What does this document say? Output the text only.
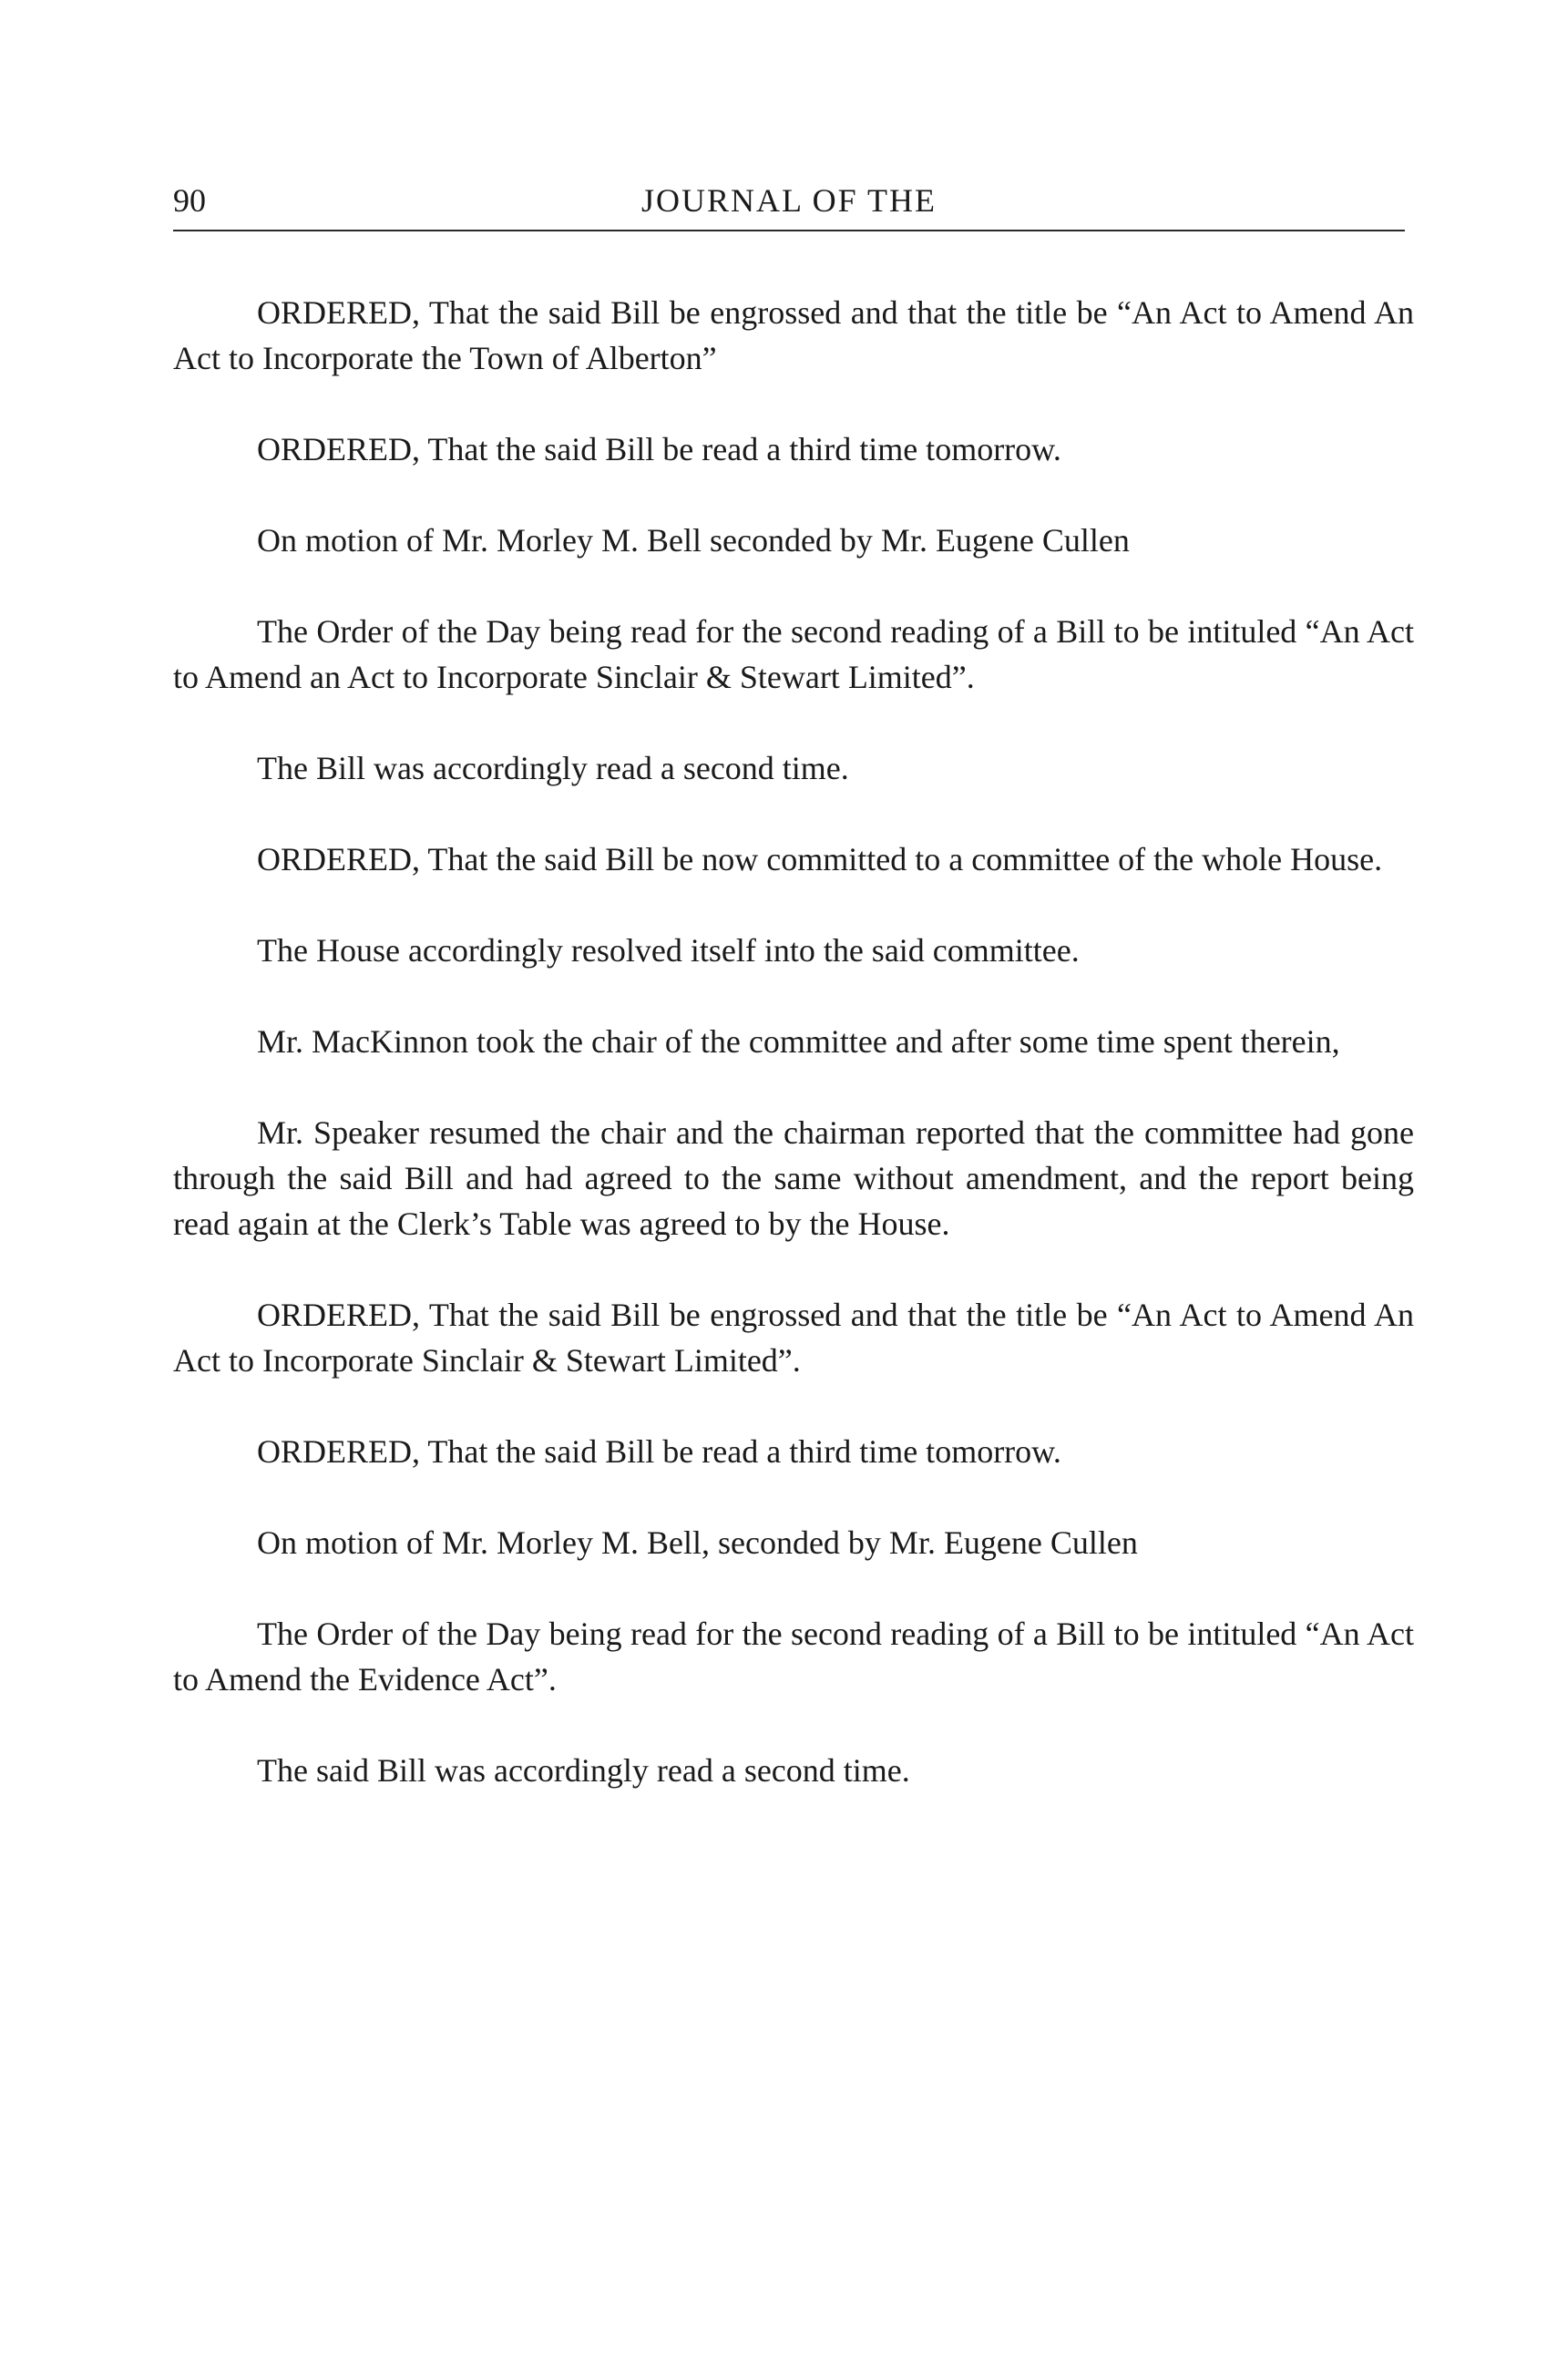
90	JOURNAL OF THE

ORDERED, That the said Bill be engrossed and that the title be “An Act to Amend An Act to Incorporate the Town of Alberton”

ORDERED, That the said Bill be read a third time tomorrow.

On motion of Mr. Morley M. Bell seconded by Mr. Eugene Cullen

The Order of the Day being read for the second reading of a Bill to be intituled “An Act to Amend an Act to Incorporate Sinclair & Stewart Limited”.

The Bill was accordingly read a second time.

ORDERED, That the said Bill be now committed to a committee of the whole House.

The House accordingly resolved itself into the said committee.

Mr. MacKinnon took the chair of the committee and after some time spent therein,

Mr. Speaker resumed the chair and the chairman reported that the committee had gone through the said Bill and had agreed to the same without amendment, and the report being read again at the Clerk’s Table was agreed to by the House.

ORDERED, That the said Bill be engrossed and that the title be “An Act to Amend An Act to Incorporate Sinclair & Stewart Limited”.

ORDERED, That the said Bill be read a third time tomorrow.

On motion of Mr. Morley M. Bell, seconded by Mr. Eugene Cullen

The Order of the Day being read for the second reading of a Bill to be intituled “An Act to Amend the Evidence Act”.

The said Bill was accordingly read a second time.
